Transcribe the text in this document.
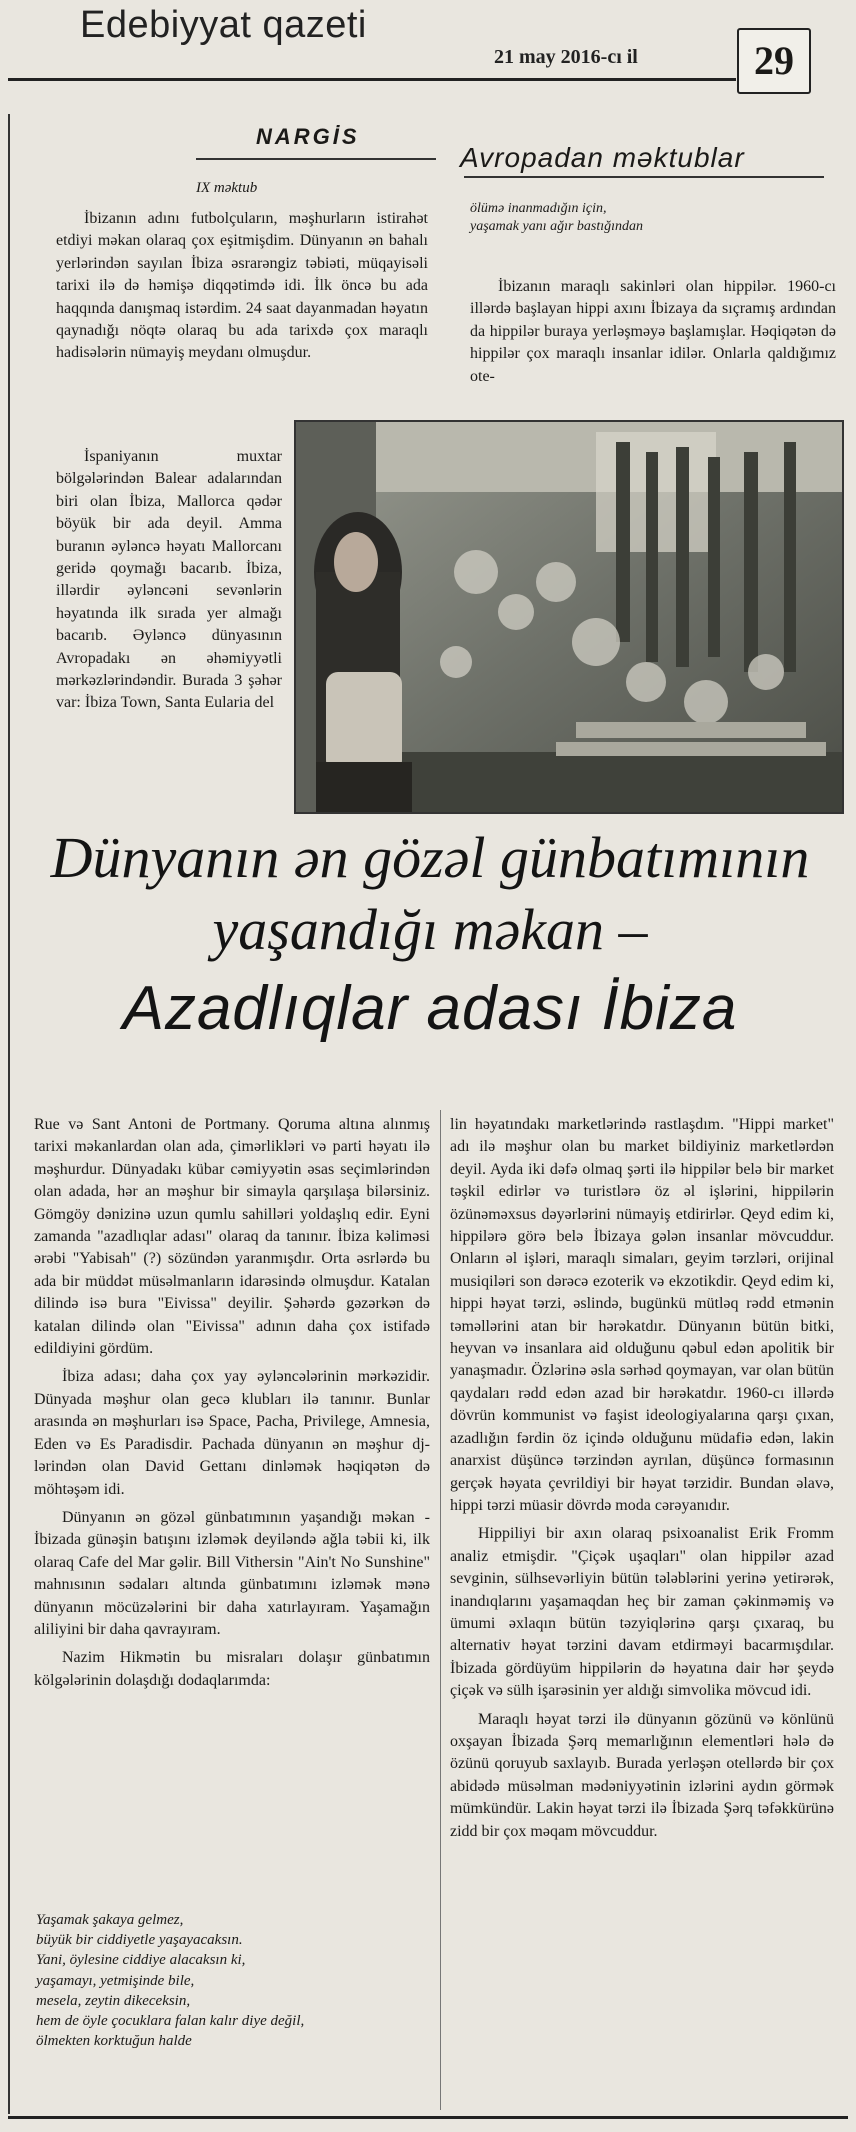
Edebiyyat qazeti
21 may 2016-cı il	29
NARGİS
IX məktub
Avropadan məktublar
ölümə inanmadığın için,
yaşamak yanı ağır bastığından

İbizanın adını futbolçuların, məşhurların istirahət etdiyi məkan olaraq çox eşitmişdim. Dünyanın ən bahalı yerlərindən sayılan İbiza əsrarəngiz təbiəti, müqayisəli tarixi ilə də həmişə diqqətimdə idi. İlk öncə bu ada haqqında danışmaq istərdim. 24 saat dayanmadan həyatın qaynadığı nöqtə olaraq bu ada tarixdə çox maraqlı hadisələrin nümayiş meydanı olmuşdur.

İspaniyanın muxtar bölgələrindən Balear adalarından biri olan İbiza, Mallorca qədər böyük bir ada deyil. Amma buranın əyləncə həyatı Mallorcanı geridə qoymağı bacarıb. İbiza, illərdir əyləncəni sevənlərin həyatında ilk sırada yer almağı bacarıb. Əyləncə dünyasının Avropadakı ən əhəmiyyətli mərkəzlərindəndir. Burada 3 şəhər var: İbiza Town, Santa Eularia del

İbizanın maraqlı sakinləri olan hippilər. 1960-cı illərdə başlayan hippi axını İbizaya da sıçramış ardından da hippilər buraya yerləşməyə başlamışlar. Həqiqətən də hippilər çox maraqlı insanlar idilər. Onlarla qaldığımız ote-

Dünyanın ən gözəl günbatımının
yaşandığı məkan –
Azadlıqlar adası İbiza

Rue və Sant Antoni de Portmany. Qoruma altına alınmış tarixi məkanlardan olan ada, çimərlikləri və parti həyatı ilə məşhurdur. Dünyadakı kübar cəmiyyətin əsas seçimlərindən olan adada, hər an məşhur bir simayla qarşılaşa bilərsiniz. Gömgöy dənizinə uzun qumlu sahilləri yoldaşlıq edir. Eyni zamanda "azadlıqlar adası" olaraq da tanınır. İbiza kəliməsi ərəbi "Yabisah" (?) sözündən yaranmışdır. Orta əsrlərdə bu ada bir müddət müsəlmanların idarəsində olmuşdur. Katalan dilində isə bura "Eivissa" deyilir. Şəhərdə gəzərkən də katalan dilində olan "Eivissa" adının daha çox istifadə edildiyini gördüm.

İbiza adası; daha çox yay əyləncələrinin mərkəzidir. Dünyada məşhur olan gecə klubları ilə tanınır. Bunlar arasında ən məşhurları isə Space, Pacha, Privilege, Amnesia, Eden və Es Paradisdir. Pachada dünyanın ən məşhur dj-lərindən olan David Gettanı dinləmək həqiqətən də möhtəşəm idi.

Dünyanın ən gözəl günbatımının yaşandığı məkan - İbizada günəşin batışını izləmək deyiləndə ağla təbii ki, ilk olaraq Cafe del Mar gəlir. Bill Vithersin "Ain't No Sunshine" mahnısının sədaları altında günbatımını izləmək mənə dünyanın möcüzələrini bir daha xatırlayıram. Yaşamağın aliliyini bir daha qavrayıram.

Nazim Hikmətin bu misraları dolaşır günbatımın kölgələrinin dolaşdığı dodaqlarımda:

Yaşamak şakaya gelmez,
büyük bir ciddiyetle yaşayacaksın.
Yani, öylesine ciddiye alacaksın ki,
yaşamayı, yetmişinde bile,
mesela, zeytin dikeceksin,
hem de öyle çocuklara falan kalır diye değil,
ölmekten korktuğun halde

lin həyatındakı marketlərində rastlaşdım. "Hippi market" adı ilə məşhur olan bu market bildiyiniz marketlərdən deyil. Ayda iki dəfə olmaq şərti ilə hippilər belə bir market təşkil edirlər və turistlərə öz əl işlərini, hippilərin özünəməxsus dəyərlərini nümayiş etdirirlər. Qeyd edim ki, hippilərə görə belə İbizaya gələn insanlar mövcuddur. Onların əl işləri, maraqlı simaları, geyim tərzləri, orijinal musiqiləri son dərəcə ezoterik və ekzotikdir. Qeyd edim ki, hippi həyat tərzi, əslində, bugünkü mütləq rədd etmənin təməllərini atan bir hərəkatdır. Dünyanın bütün bitki, heyvan və insanlara aid olduğunu qəbul edən apolitik bir yanaşmadır. Özlərinə əsla sərhəd qoymayan, var olan bütün qaydaları rədd edən azad bir hərəkatdır. 1960-cı illərdə dövrün kommunist və faşist ideologiyalarına qarşı çıxan, azadlığın fərdin öz içində olduğunu müdafiə edən, lakin anarxist düşüncə tərzindən ayrılan, düşüncə formasının gerçək həyata çevrildiyi bir həyat tərzidir. Bundan əlavə, hippi tərzi müasir dövrdə moda cərəyanıdır.

Hippiliyi bir axın olaraq psixoanalist Erik Fromm analiz etmişdir. "Çiçək uşaqları" olan hippilər azad sevginin, sülhsevərliyin bütün tələblərini yerinə yetirərək, inandıqlarını yaşamaqdan heç bir zaman çəkinməmiş və ümumi əxlaqın bütün təzyiqlərinə qarşı çıxaraq, bu alternativ həyat tərzini davam etdirməyi bacarmışdılar. İbizada gördüyüm hippilərin də həyatına dair hər şeydə çiçək və sülh işarəsinin yer aldığı simvolika mövcud idi.

Maraqlı həyat tərzi ilə dünyanın gözünü və könlünü oxşayan İbizada Şərq memarlığının elementləri hələ də özünü qoruyub saxlayıb. Burada yerləşən otellərdə bir çox abidədə müsəlman mədəniyyətinin izlərini aydın görmək mümkündür. Lakin həyat tərzi ilə İbizada Şərq təfəkkürünə zidd bir çox məqam mövcuddur.
